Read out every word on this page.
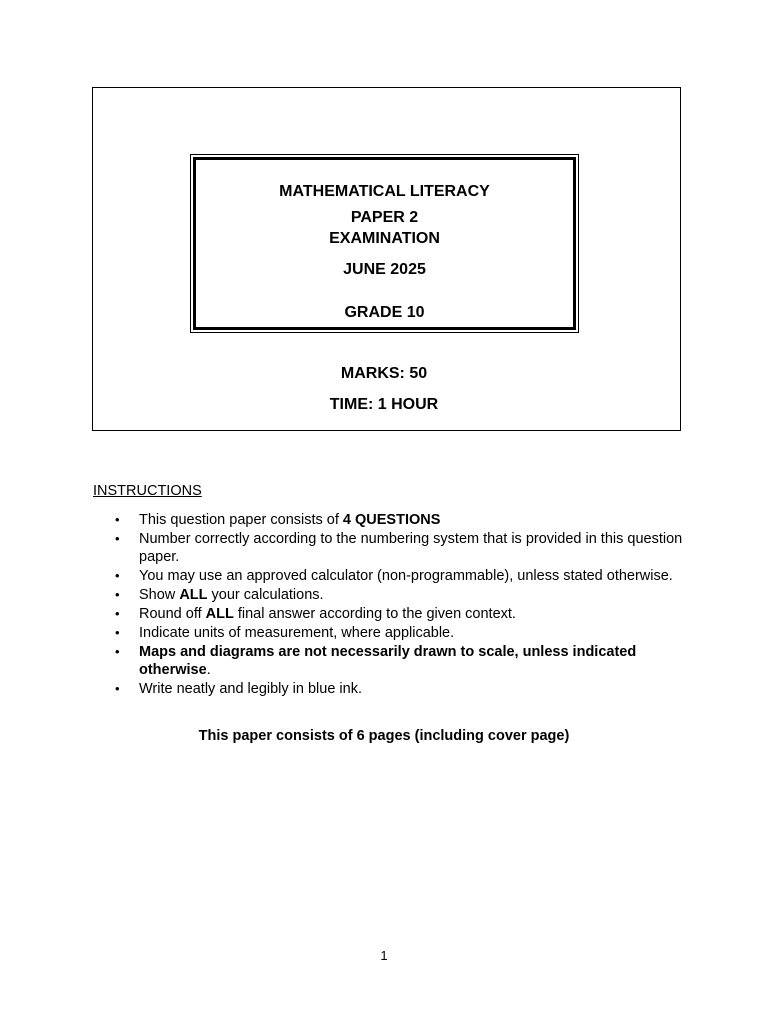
MATHEMATICAL LITERACY
PAPER 2
EXAMINATION
JUNE 2025
GRADE 10
MARKS: 50
TIME: 1 HOUR
INSTRUCTIONS
• This question paper consists of 4 QUESTIONS
• Number correctly according to the numbering system that is provided in this question paper.
• You may use an approved calculator (non-programmable), unless stated otherwise.
• Show ALL your calculations.
• Round off ALL final answer according to the given context.
• Indicate units of measurement, where applicable.
• Maps and diagrams are not necessarily drawn to scale, unless indicated otherwise.
• Write neatly and legibly in blue ink.
This paper consists of 6 pages (including cover page)
1
